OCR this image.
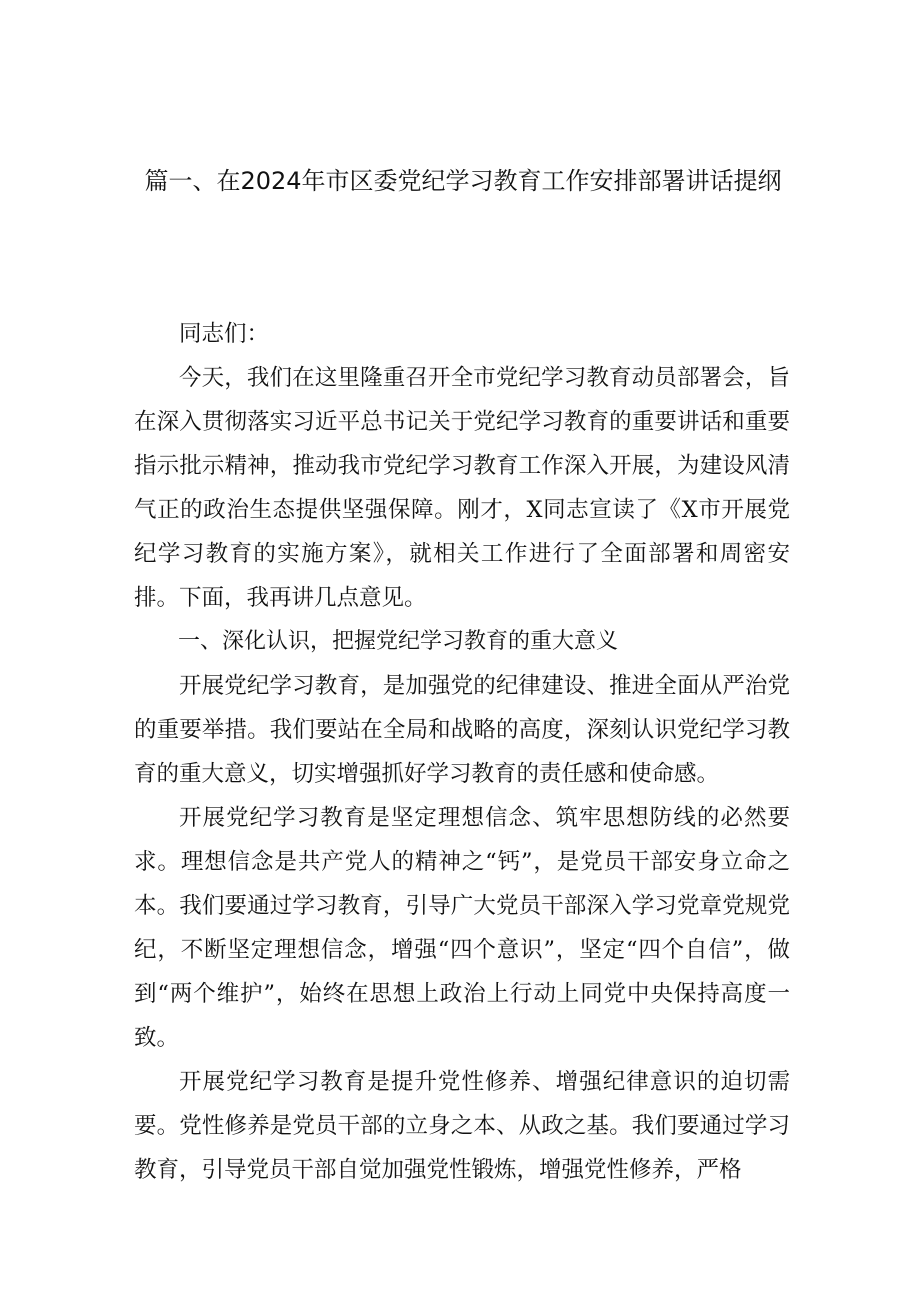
篇一、在2024年市区委党纪学习教育工作安排部署讲话提纲

同志们：

今天，我们在这里隆重召开全市党纪学习教育动员部署会，旨在深入贯彻落实习近平总书记关于党纪学习教育的重要讲话和重要指示批示精神，推动我市党纪学习教育工作深入开展，为建设风清气正的政治生态提供坚强保障。刚才，X同志宣读了《X市开展党纪学习教育的实施方案》，就相关工作进行了全面部署和周密安排。下面，我再讲几点意见。

一、深化认识，把握党纪学习教育的重大意义

开展党纪学习教育，是加强党的纪律建设、推进全面从严治党的重要举措。我们要站在全局和战略的高度，深刻认识党纪学习教育的重大意义，切实增强抓好学习教育的责任感和使命感。

开展党纪学习教育是坚定理想信念、筑牢思想防线的必然要求。理想信念是共产党人的精神之“钙”，是党员干部安身立命之本。我们要通过学习教育，引导广大党员干部深入学习党章党规党纪，不断坚定理想信念，增强“四个意识”，坚定“四个自信”，做到“两个维护”，始终在思想上政治上行动上同党中央保持高度一致。

开展党纪学习教育是提升党性修养、增强纪律意识的迫切需要。党性修养是党员干部的立身之本、从政之基。我们要通过学习教育，引导党员干部自觉加强党性锻炼，增强党性修养，严格
